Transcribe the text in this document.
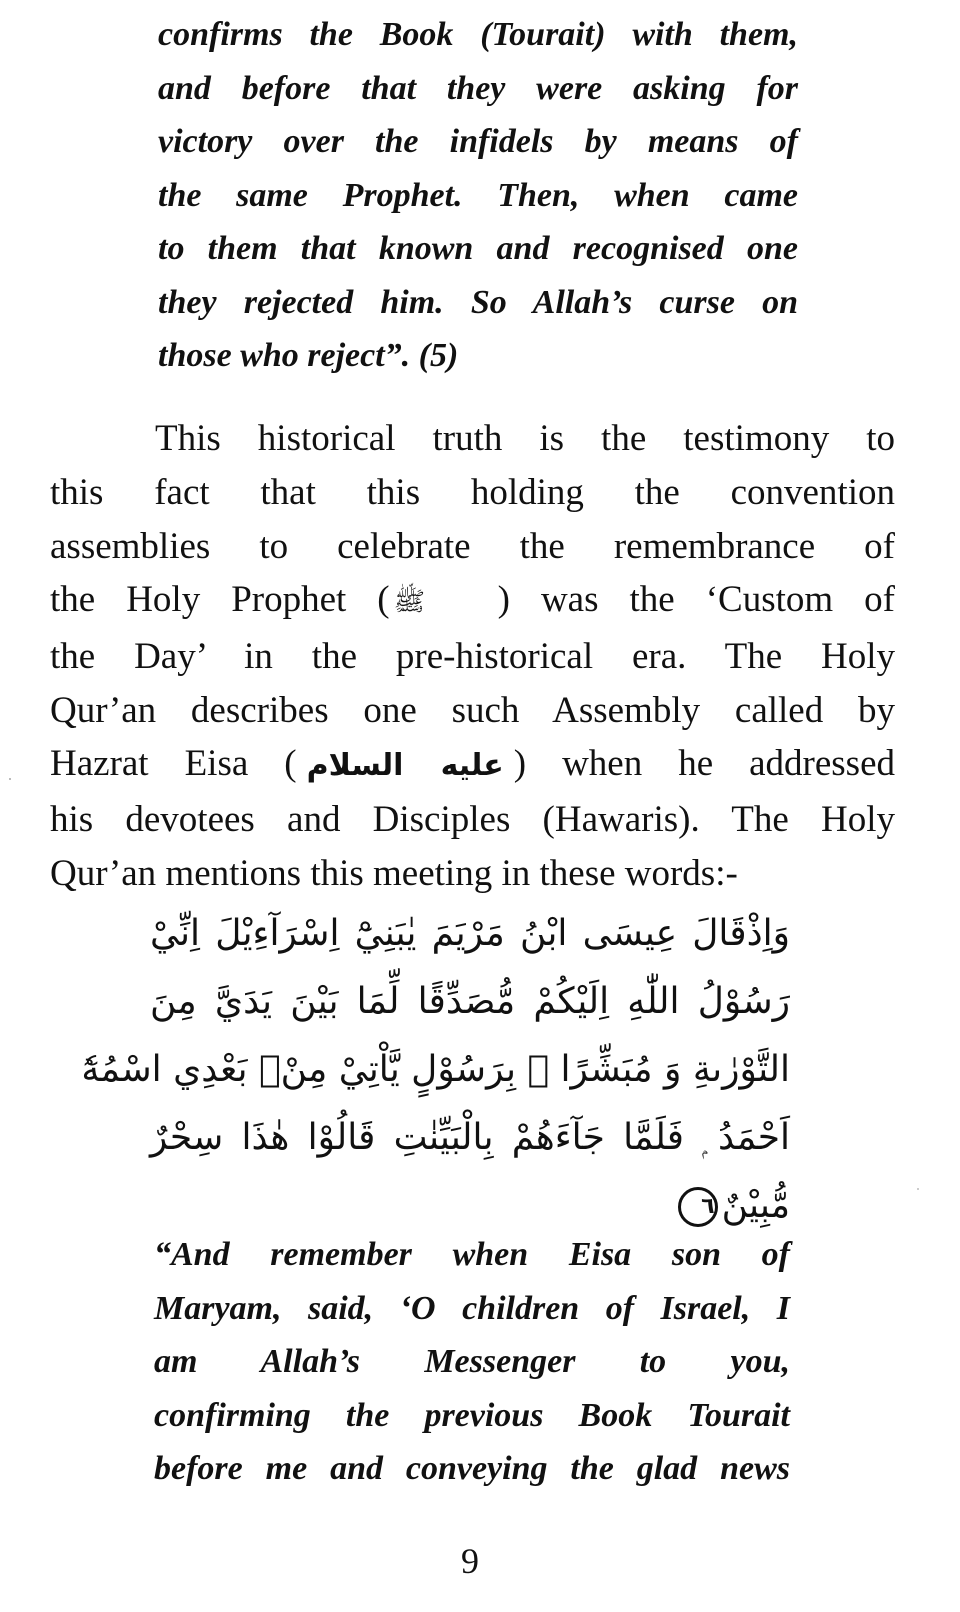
confirms the Book (Tourait) with them,
and before that they were asking for
victory over the infidels by means of
the same Prophet. Then, when came
to them that known and recognised one
they rejected him. So Allah’s curse on
those who reject”. (5)
This historical truth is the testimony to
this fact that this holding the convention
assemblies to celebrate the remembrance of
the Holy Prophet ( ﷺ ) was the ‘Custom of
the Day’ in the pre-historical era. The Holy
Qur’an describes one such Assembly called by
Hazrat Eisa ( عليه السلام ) when he addressed
his devotees and Disciples (Hawaris). The Holy
Qur’an mentions this meeting in these words:-
وَاِذْقَالَ عِيسَى ابْنُ مَرْيَمَ يٰبَنِيْٓ اِسْرَآءِيْلَ اِنِّيْ
رَسُوْلُ اللّٰهِ اِلَيْكُمْ مُّصَدِّقًا لِّمَا بَيْنَ يَدَيَّ مِنَ
التَّوْرٰىةِ وَ مُبَشِّرًا ۢ بِرَسُوْلٍ يَّاْتِيْ مِنْۢ بَعْدِي اسْمُهٗٓ
اَحْمَدُ ۭ فَلَمَّا جَآءَهُمْ بِالْبَيِّنٰتِ قَالُوْا هٰذَا سِحْرٌ
مُّبِيْنٌ٦
“And remember when Eisa son of
Maryam, said, ‘O children of Israel, I
am Allah’s Messenger to you,
confirming the previous Book Tourait
before me and conveying the glad news
9
